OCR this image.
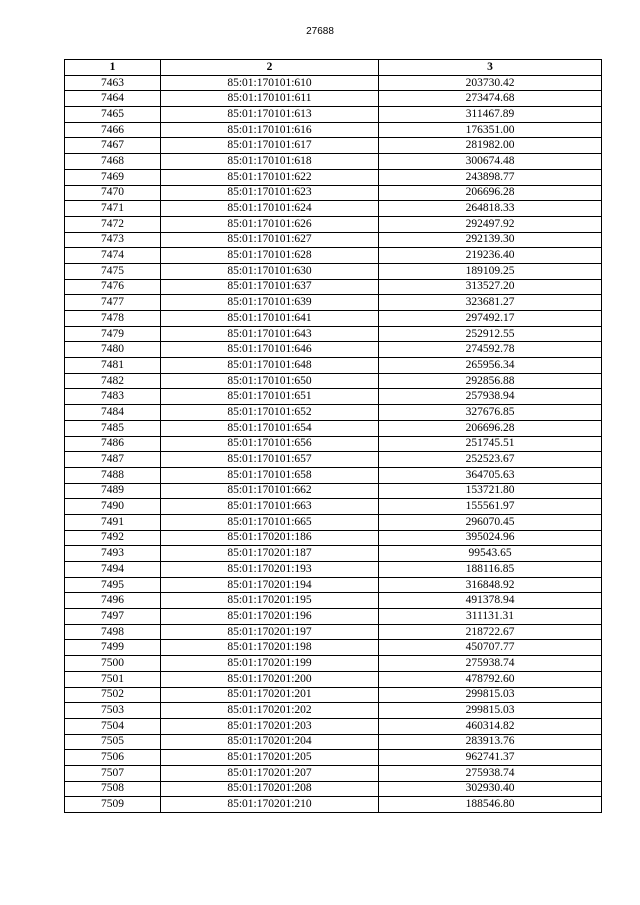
27688
1	2	3
7463	85:01:170101:610	203730.42
7464	85:01:170101:611	273474.68
7465	85:01:170101:613	311467.89
7466	85:01:170101:616	176351.00
7467	85:01:170101:617	281982.00
7468	85:01:170101:618	300674.48
7469	85:01:170101:622	243898.77
7470	85:01:170101:623	206696.28
7471	85:01:170101:624	264818.33
7472	85:01:170101:626	292497.92
7473	85:01:170101:627	292139.30
7474	85:01:170101:628	219236.40
7475	85:01:170101:630	189109.25
7476	85:01:170101:637	313527.20
7477	85:01:170101:639	323681.27
7478	85:01:170101:641	297492.17
7479	85:01:170101:643	252912.55
7480	85:01:170101:646	274592.78
7481	85:01:170101:648	265956.34
7482	85:01:170101:650	292856.88
7483	85:01:170101:651	257938.94
7484	85:01:170101:652	327676.85
7485	85:01:170101:654	206696.28
7486	85:01:170101:656	251745.51
7487	85:01:170101:657	252523.67
7488	85:01:170101:658	364705.63
7489	85:01:170101:662	153721.80
7490	85:01:170101:663	155561.97
7491	85:01:170101:665	296070.45
7492	85:01:170201:186	395024.96
7493	85:01:170201:187	99543.65
7494	85:01:170201:193	188116.85
7495	85:01:170201:194	316848.92
7496	85:01:170201:195	491378.94
7497	85:01:170201:196	311131.31
7498	85:01:170201:197	218722.67
7499	85:01:170201:198	450707.77
7500	85:01:170201:199	275938.74
7501	85:01:170201:200	478792.60
7502	85:01:170201:201	299815.03
7503	85:01:170201:202	299815.03
7504	85:01:170201:203	460314.82
7505	85:01:170201:204	283913.76
7506	85:01:170201:205	962741.37
7507	85:01:170201:207	275938.74
7508	85:01:170201:208	302930.40
7509	85:01:170201:210	188546.80
